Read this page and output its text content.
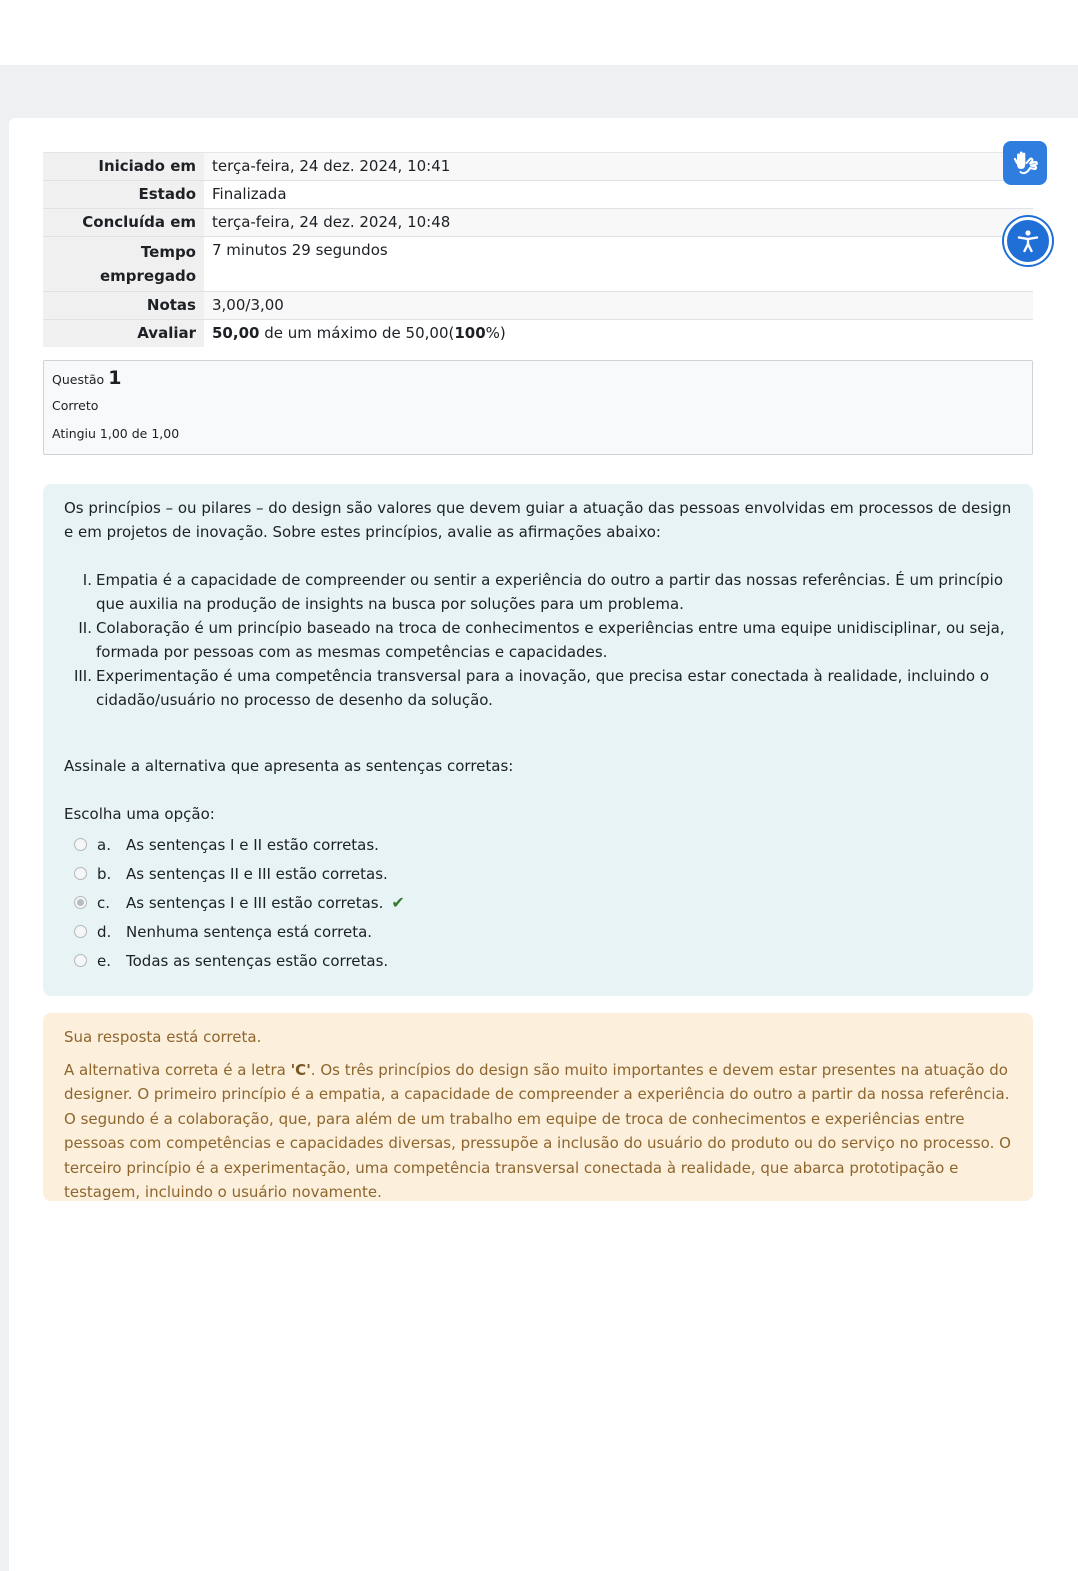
Iniciado em	terça-feira, 24 dez. 2024, 10:41
Estado	Finalizada
Concluída em	terça-feira, 24 dez. 2024, 10:48
Tempo empregado	7 minutos 29 segundos
Notas	3,00/3,00
Avaliar	50,00 de um máximo de 50,00(100%)
Questão 1
Correto
Atingiu 1,00 de 1,00

Os princípios – ou pilares – do design são valores que devem guiar a atuação das pessoas envolvidas em processos de design e em projetos de inovação. Sobre estes princípios, avalie as afirmações abaixo:

I. Empatia é a capacidade de compreender ou sentir a experiência do outro a partir das nossas referências. É um princípio que auxilia na produção de insights na busca por soluções para um problema.
II. Colaboração é um princípio baseado na troca de conhecimentos e experiências entre uma equipe unidisciplinar, ou seja, formada por pessoas com as mesmas competências e capacidades.
III. Experimentação é uma competência transversal para a inovação, que precisa estar conectada à realidade, incluindo o cidadão/usuário no processo de desenho da solução.

Assinale a alternativa que apresenta as sentenças corretas:

Escolha uma opção:

a.	As sentenças I e II estão corretas.
b. As sentenças II e III estão corretas.
c.	As sentenças I e III estão corretas. ✔
d. Nenhuma sentença está correta.
e.	Todas as sentenças estão corretas.

Sua resposta está correta.

A alternativa correta é a letra 'C'. Os três princípios do design são muito importantes e devem estar presentes na atuação do designer. O primeiro princípio é a empatia, a capacidade de compreender a experiência do outro a partir da nossa referência. O segundo é a colaboração, que, para além de um trabalho em equipe de troca de conhecimentos e experiências entre pessoas com competências e capacidades diversas, pressupõe a inclusão do usuário do produto ou do serviço no processo. O terceiro princípio é a experimentação, uma competência transversal conectada à realidade, que abarca prototipação e testagem, incluindo o usuário novamente.
